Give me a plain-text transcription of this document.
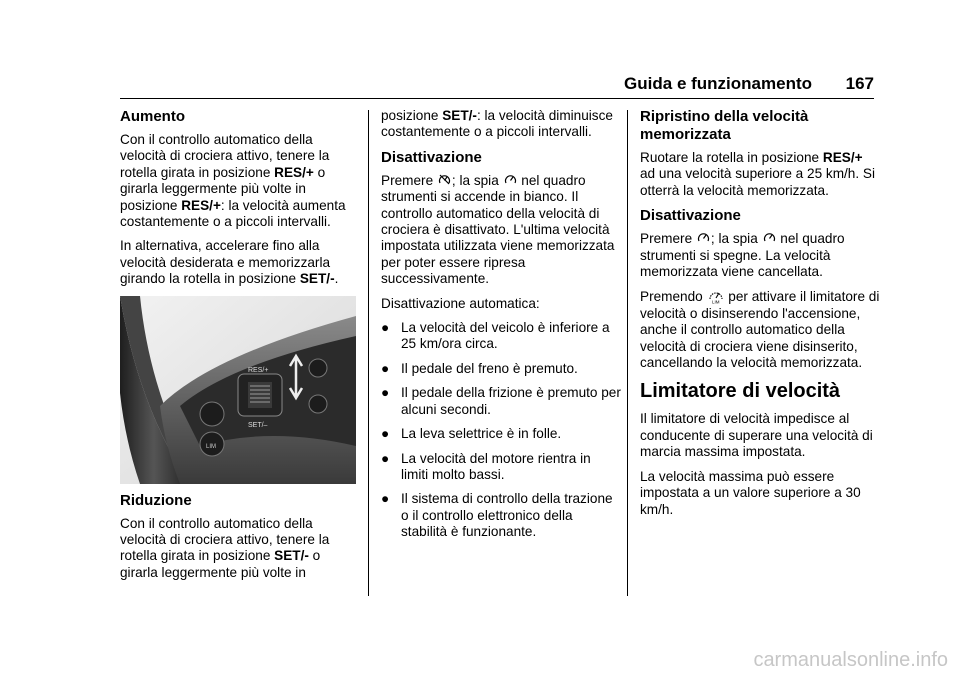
Guida e funzionamento 167
Aumento

Con il controllo automatico della velocità di crociera attivo, tenere la rotella girata in posizione RES/+ o girarla leggermente più volte in posizione RES/+: la velocità aumenta costantemente o a piccoli intervalli.

In alternativa, accelerare fino alla velocità desiderata e memorizzarla girando la rotella in posizione SET/-.

RES/+
SET/–
LIM
Riduzione

Con il controllo automatico della velocità di crociera attivo, tenere la rotella girata in posizione SET/- o girarla leggermente più volte in

posizione SET/-: la velocità diminuisce costantemente o a piccoli intervalli.

Disattivazione

Premere
; la spia
nel quadro strumenti si accende in bianco. Il controllo automatico della velocità di crociera è disattivato. L'ultima velocità impostata utilizzata viene memorizzata per poter essere ripresa successivamente.

Disattivazione automatica:

● La velocità del veicolo è inferiore a 25 km/ora circa.
● Il pedale del freno è premuto.
● Il pedale della frizione è premuto per alcuni secondi.
● La leva selettrice è in folle.
● La velocità del motore rientra in limiti molto bassi.
● Il sistema di controllo della trazione o il controllo elettronico della stabilità è funzionante.
Ripristino della velocità memorizzata

Ruotare la rotella in posizione RES/+ ad una velocità superiore a 25 km/h. Si otterrà la velocità memorizzata.

Disattivazione

Premere
; la spia
nel quadro strumenti si spegne. La velocità memorizzata viene cancellata.

Premendo LIM per attivare il limitatore di velocità o disinserendo l'accensione, anche il controllo automatico della velocità di crociera viene disinserito, cancellando la velocità memorizzata.

Limitatore di velocità

Il limitatore di velocità impedisce al conducente di superare una velocità di marcia massima impostata.

La velocità massima può essere impostata a un valore superiore a 30 km/h.

carmanualsonline.info
